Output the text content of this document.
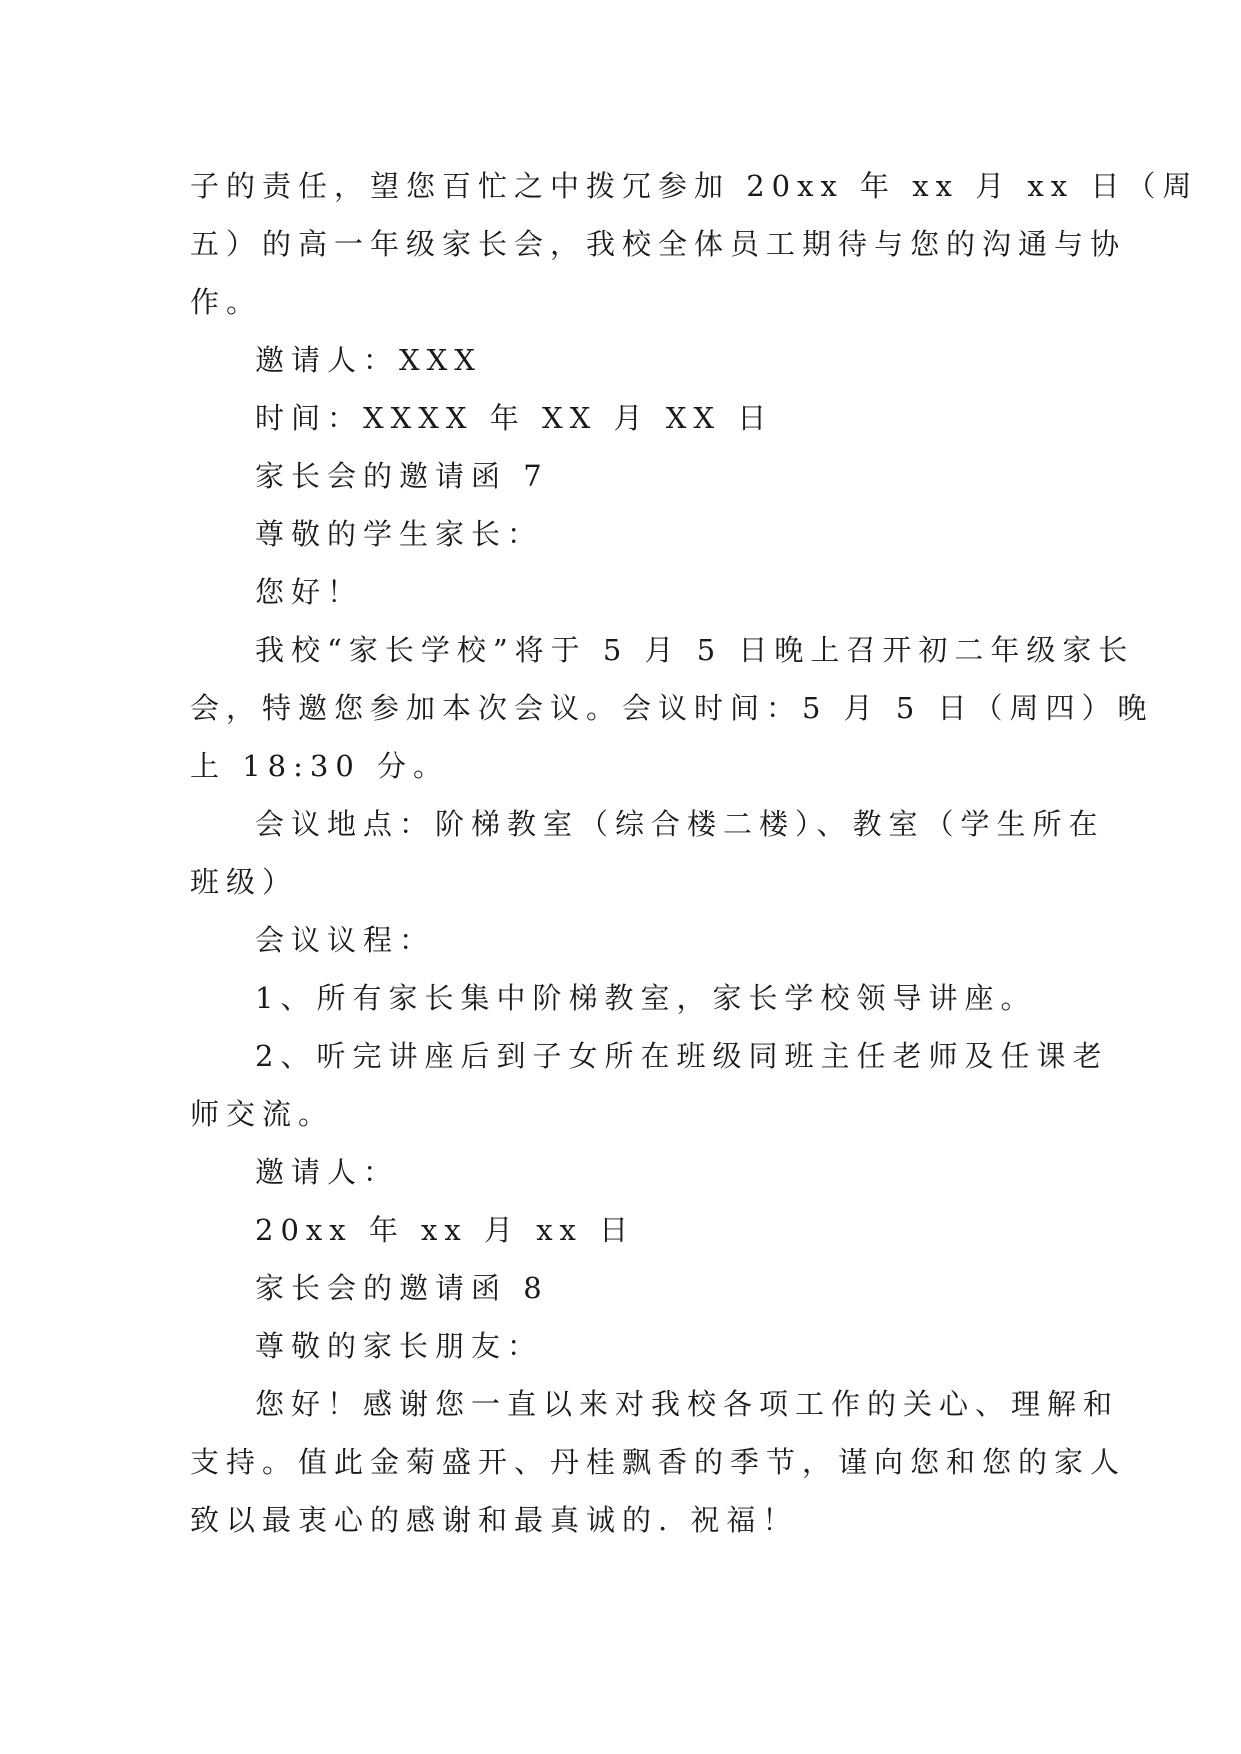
子的责任，望您百忙之中拨冗参加 20xx 年 xx 月 xx 日（周
五）的高一年级家长会，我校全体员工期待与您的沟通与协
作。
邀请人：XXX
时间：XXXX 年 XX 月 XX 日
家长会的邀请函 7
尊敬的学生家长：
您好！
我校“家长学校”将于 5 月 5 日晚上召开初二年级家长
会，特邀您参加本次会议。会议时间：5 月 5 日（周四）晚
上 18:30 分。
会议地点：阶梯教室（综合楼二楼）、教室（学生所在
班级）
会议议程：
1、所有家长集中阶梯教室，家长学校领导讲座。
2、听完讲座后到子女所在班级同班主任老师及任课老
师交流。
邀请人：
20xx 年 xx 月 xx 日
家长会的邀请函 8
尊敬的家长朋友：
您好！感谢您一直以来对我校各项工作的关心、理解和
支持。值此金菊盛开、丹桂飘香的季节，谨向您和您的家人
致以最衷心的感谢和最真诚的. 祝福！
